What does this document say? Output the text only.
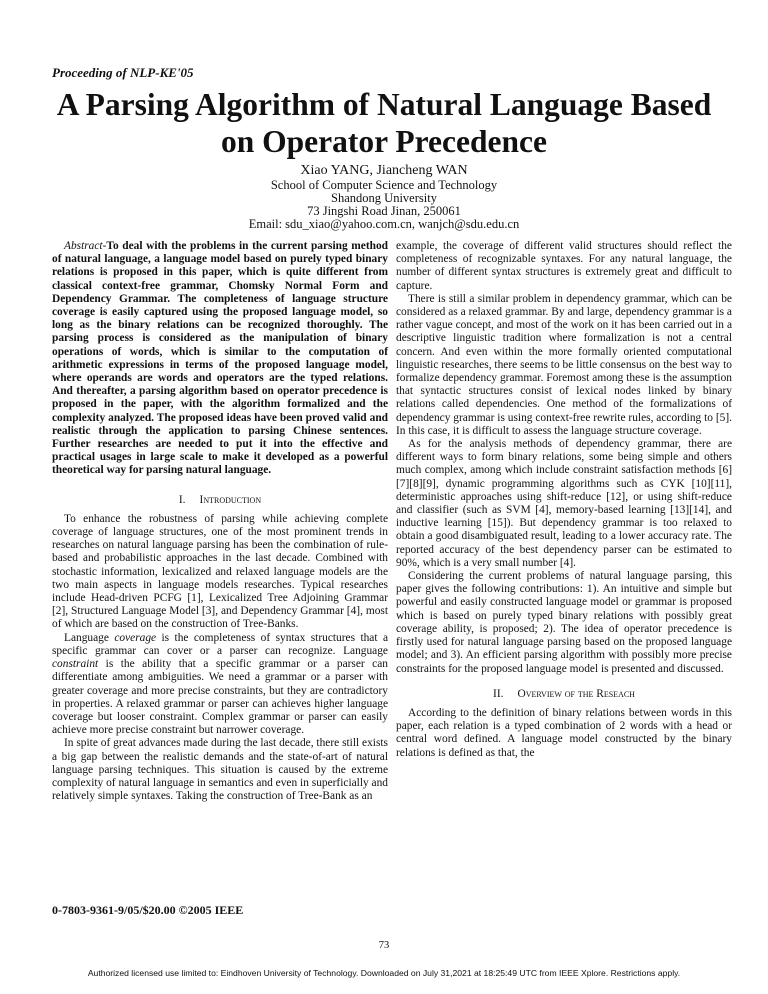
Proceeding of NLP-KE'05
A Parsing Algorithm of Natural Language Based
on Operator Precedence
Xiao YANG, Jiancheng WAN
School of Computer Science and Technology
Shandong University
73 Jingshi Road Jinan, 250061
Email: sdu_xiao@yahoo.com.cn, wanjch@sdu.edu.cn

Abstract-To deal with the problems in the current parsing method of natural language, a language model based on purely typed binary relations is proposed in this paper, which is quite different from classical context-free grammar, Chomsky Normal Form and Dependency Grammar. The completeness of language structure coverage is easily captured using the proposed language model, so long as the binary relations can be recognized thoroughly. The parsing process is considered as the manipulation of binary operations of words, which is similar to the computation of arithmetic expressions in terms of the proposed language model, where operands are words and operators are the typed relations. And thereafter, a parsing algorithm based on operator precedence is proposed in the paper, with the algorithm formalized and the complexity analyzed. The proposed ideas have been proved valid and realistic through the application to parsing Chinese sentences. Further researches are needed to put it into the effective and practical usages in large scale to make it developed as a powerful theoretical way for parsing natural language.

I. Introduction

To enhance the robustness of parsing while achieving complete coverage of language structures, one of the most prominent trends in researches on natural language parsing has been the combination of rule-based and probabilistic approaches in the last decade. Combined with stochastic information, lexicalized and relaxed language models are the two main aspects in language models researches. Typical researches include Head-driven PCFG [1], Lexicalized Tree Adjoining Grammar [2], Structured Language Model [3], and Dependency Grammar [4], most of which are based on the construction of Tree-Banks.

Language coverage is the completeness of syntax structures that a specific grammar can cover or a parser can recognize. Language constraint is the ability that a specific grammar or a parser can differentiate among ambiguities. We need a grammar or a parser with greater coverage and more precise constraints, but they are contradictory in properties. A relaxed grammar or parser can achieves higher language coverage but looser constraint. Complex grammar or parser can easily achieve more precise constraint but narrower coverage.

In spite of great advances made during the last decade, there still exists a big gap between the realistic demands and the state-of-art of natural language parsing techniques. This situation is caused by the extreme complexity of natural language in semantics and even in superficially and relatively simple syntaxes. Taking the construction of Tree-Bank as an

example, the coverage of different valid structures should reflect the completeness of recognizable syntaxes. For any natural language, the number of different syntax structures is extremely great and difficult to capture.

There is still a similar problem in dependency grammar, which can be considered as a relaxed grammar. By and large, dependency grammar is a rather vague concept, and most of the work on it has been carried out in a descriptive linguistic tradition where formalization is not a central concern. And even within the more formally oriented computational linguistic researches, there seems to be little consensus on the best way to formalize dependency grammar. Foremost among these is the assumption that syntactic structures consist of lexical nodes linked by binary relations called dependencies. One method of the formalizations of dependency grammar is using context-free rewrite rules, according to [5]. In this case, it is difficult to assess the language structure coverage.

As for the analysis methods of dependency grammar, there are different ways to form binary relations, some being simple and others much complex, among which include constraint satisfaction methods [6][7][8][9], dynamic programming algorithms such as CYK [10][11], deterministic approaches using shift-reduce [12], or using shift-reduce and classifier (such as SVM [4], memory-based learning [13][14], and inductive learning [15]). But dependency grammar is too relaxed to obtain a good disambiguated result, leading to a lower accuracy rate. The reported accuracy of the best dependency parser can be estimated to 90%, which is a very small number [4].

Considering the current problems of natural language parsing, this paper gives the following contributions: 1). An intuitive and simple but powerful and easily constructed language model or grammar is proposed which is based on purely typed binary relations with possibly great coverage ability, is proposed; 2). The idea of operator precedence is firstly used for natural language parsing based on the proposed language model; and 3). An efficient parsing algorithm with possibly more precise constraints for the proposed language model is presented and discussed.

II. Overview of the Reseach

According to the definition of binary relations between words in this paper, each relation is a typed combination of 2 words with a head or central word defined. A language model constructed by the binary relations is defined as that, the

0-7803-9361-9/05/$20.00 ©2005 IEEE
73
Authorized licensed use limited to: Eindhoven University of Technology. Downloaded on July 31,2021 at 18:25:49 UTC from IEEE Xplore. Restrictions apply.
